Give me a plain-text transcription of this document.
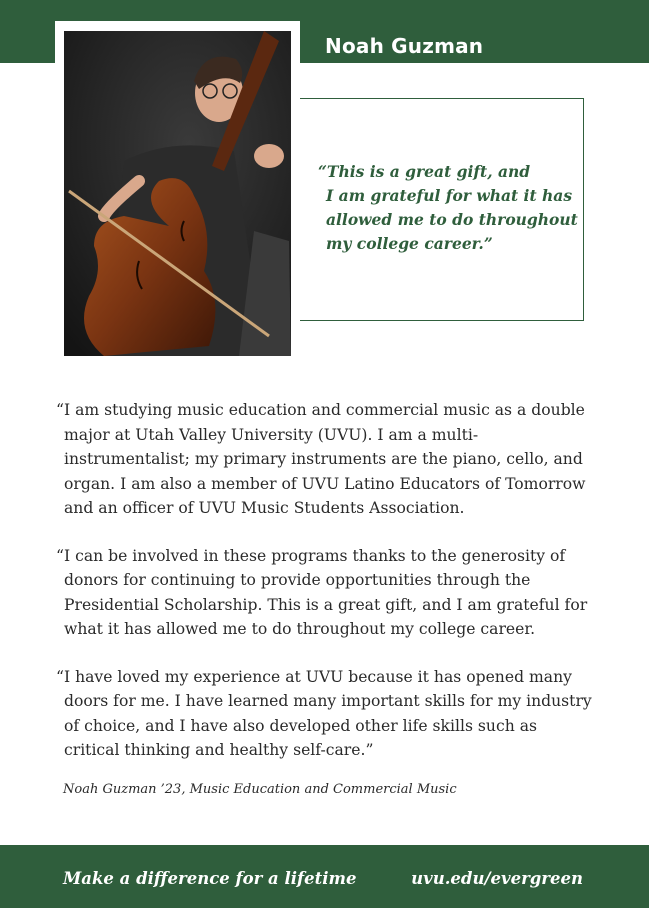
Noah Guzman
“This is a great gift, and
I am grateful for what it has
allowed me to do throughout
my college career.”

“I am studying music education and commercial music as a double major at Utah Valley University (UVU). I am a multi-instrumentalist; my primary instruments are the piano, cello, and organ. I am also a member of UVU Latino Educators of Tomorrow and an officer of UVU Music Students Association.

“I can be involved in these programs thanks to the generosity of donors for continuing to provide opportunities through the Presidential Scholarship. This is a great gift, and I am grateful for what it has allowed me to do throughout my college career.

“I have loved my experience at UVU because it has opened many doors for me. I have learned many important skills for my industry of choice, and I have also developed other life skills such as critical thinking and healthy self-care.”

Noah Guzman ’23, Music Education and Commercial Music
Make a difference for a lifetime	uvu.edu/evergreen
